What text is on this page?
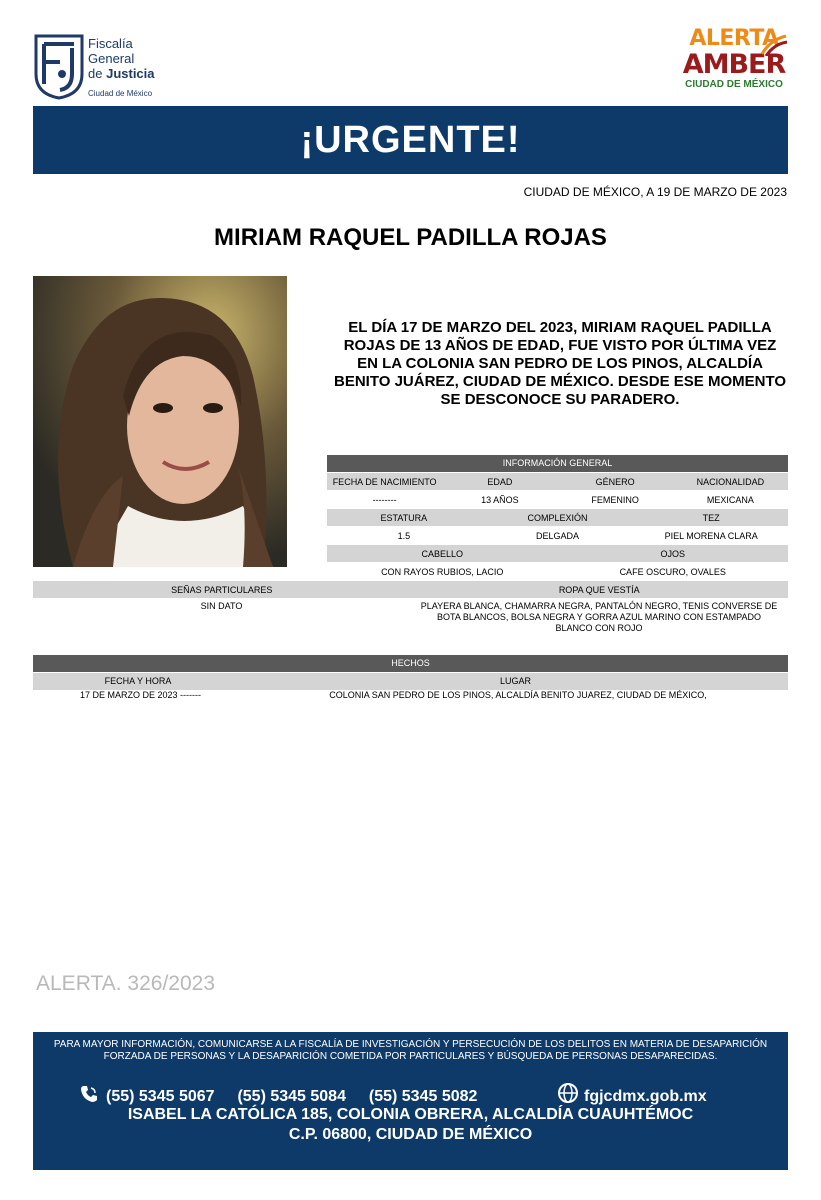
Fiscalía
General
de Justicia
Ciudad de México
ALERTA
AMBER
CIUDAD DE MÉXICO
¡URGENTE!
CIUDAD DE MÉXICO, A 19 DE MARZO DE 2023
MIRIAM RAQUEL PADILLA ROJAS
EL DÍA 17 DE MARZO DEL 2023, MIRIAM RAQUEL PADILLA ROJAS DE 13 AÑOS DE EDAD, FUE VISTO POR ÚLTIMA VEZ EN LA COLONIA SAN PEDRO DE LOS PINOS, ALCALDÍA BENITO JUÁREZ, CIUDAD DE MÉXICO. DESDE ESE MOMENTO SE DESCONOCE SU PARADERO.
INFORMACIÓN GENERAL
FECHA DE NACIMIENTO	EDAD	GÉNERO	NACIONALIDAD
--------	13 AÑOS	FEMENINO	MEXICANA
ESTATURA	COMPLEXIÓN	TEZ
1.5	DELGADA	PIEL MORENA CLARA
CABELLO	OJOS
CON RAYOS RUBIOS, LACIO	CAFE OSCURO, OVALES
SEÑAS PARTICULARES	ROPA QUE VESTÍA
SIN DATO	PLAYERA BLANCA, CHAMARRA NEGRA, PANTALÓN NEGRO, TENIS CONVERSE DE BOTA BLANCOS, BOLSA NEGRA Y GORRA AZUL MARINO CON ESTAMPADO BLANCO CON ROJO
HECHOS
FECHA Y HORA	LUGAR
17 DE MARZO DE 2023 -------	COLONIA SAN PEDRO DE LOS PINOS, ALCALDÍA BENITO JUAREZ, CIUDAD DE MÉXICO,
ALERTA. 326/2023
PARA MAYOR INFORMACIÓN, COMUNICARSE A LA FISCALÍA DE INVESTIGACIÓN Y PERSECUCIÓN DE LOS DELITOS EN MATERIA DE DESAPARICIÓN
FORZADA DE PERSONAS Y LA DESAPARICIÓN COMETIDA POR PARTICULARES Y BÚSQUEDA DE PERSONAS DESAPARECIDAS.
(55) 5345 5067 (55) 5345 5084 (55) 5345 5082	fgjcdmx.gob.mx
ISABEL LA CATÓLICA 185, COLONIA OBRERA, ALCALDÍA CUAUHTÉMOC
C.P. 06800, CIUDAD DE MÉXICO
